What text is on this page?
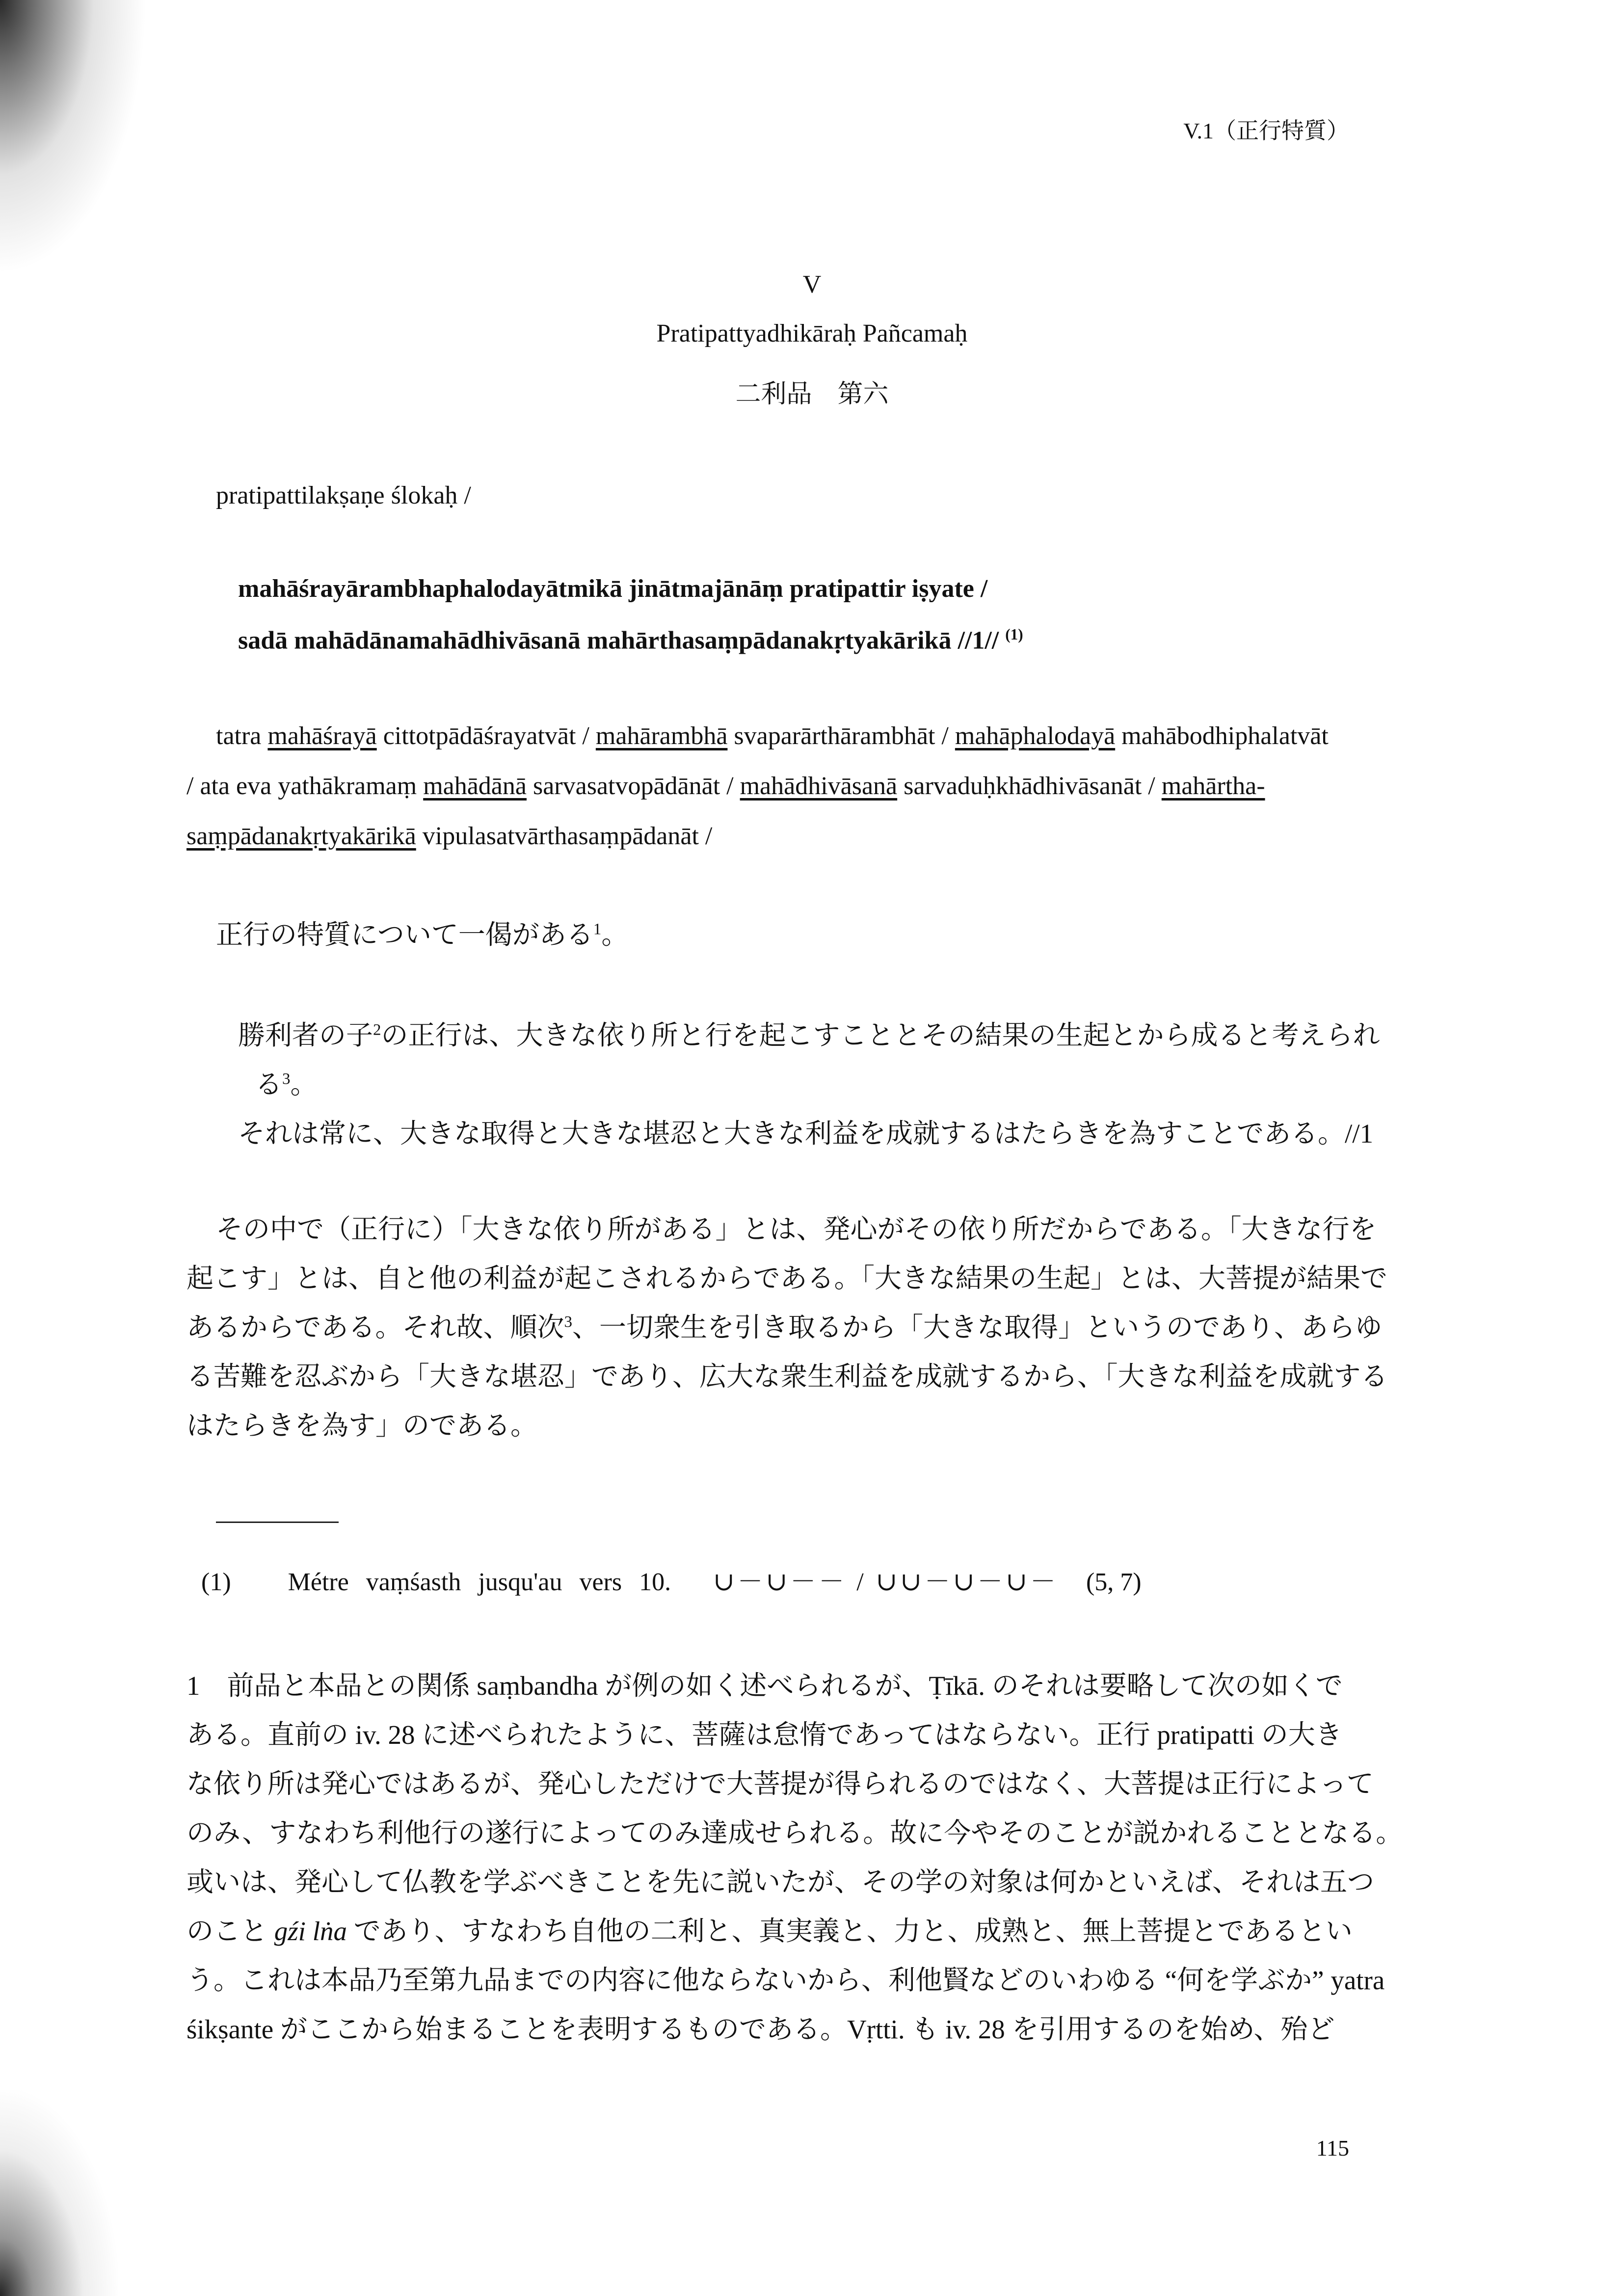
V.1（正行特質）
V
Pratipattyadhikāraḥ Pañcamaḥ
二利品　第六
pratipattilakṣaṇe ślokaḥ /
mahāśrayārambhaphalodayātmikā jinātmajānāṃ pratipattir iṣyate /
sadā mahādānamahādhivāsanā mahārthasaṃpādanakṛtyakārikā //1// $^{(1)}$
tatra mahāśrayā cittotpādāśrayatvāt / mahārambhā svaparārthārambhāt / mahāphalodayā mahābodhiphalatvāt
/ ata eva yathākramaṃ mahādānā sarvasatvopādānāt / mahādhivāsanā sarvaduḥkhādhivāsanāt / mahārtha-
saṃpādanakṛtyakārikā vipulasatvārthasaṃpādanāt /
正行の特質について一偈がある$^1$。
勝利者の子$^2$の正行は、大きな依り所と行を起こすこととその結果の生起とから成ると考えられ
る$^3$。
それは常に、大きな取得と大きな堪忍と大きな利益を成就するはたらきを為すことである。//1
その中で（正行に）「大きな依り所がある」とは、発心がその依り所だからである。「大きな行を
起こす」とは、自と他の利益が起こされるからである。「大きな結果の生起」とは、大菩提が結果で
あるからである。それ故、順次$^3$、一切衆生を引き取るから「大きな取得」というのであり、あらゆ
る苦難を忍ぶから「大きな堪忍」であり、広大な衆生利益を成就するから、「大きな利益を成就する
はたらきを為す」のである。
(1) Métre vaṃśasth jusqu'au vers 10. ∪－∪－－ / ∪∪－∪－∪－ (5, 7)
1　前品と本品との関係 saṃbandha が例の如く述べられるが、Ṭīkā. のそれは要略して次の如くで
ある。直前の iv. 28 に述べられたように、菩薩は怠惰であってはならない。正行 pratipatti の大き
な依り所は発心ではあるが、発心しただけで大菩提が得られるのではなく、大菩提は正行によって
のみ、すなわち利他行の遂行によってのみ達成せられる。故に今やそのことが説かれることとなる。
或いは、発心して仏教を学ぶべきことを先に説いたが、その学の対象は何かといえば、それは五つ
のこと gźi lṅa であり、すなわち自他の二利と、真実義と、力と、成熟と、無上菩提とであるとい
う。これは本品乃至第九品までの内容に他ならないから、利他賢などのいわゆる “何を学ぶか” yatra
śikṣante がここから始まることを表明するものである。Vṛtti. も iv. 28 を引用するのを始め、殆ど
115
